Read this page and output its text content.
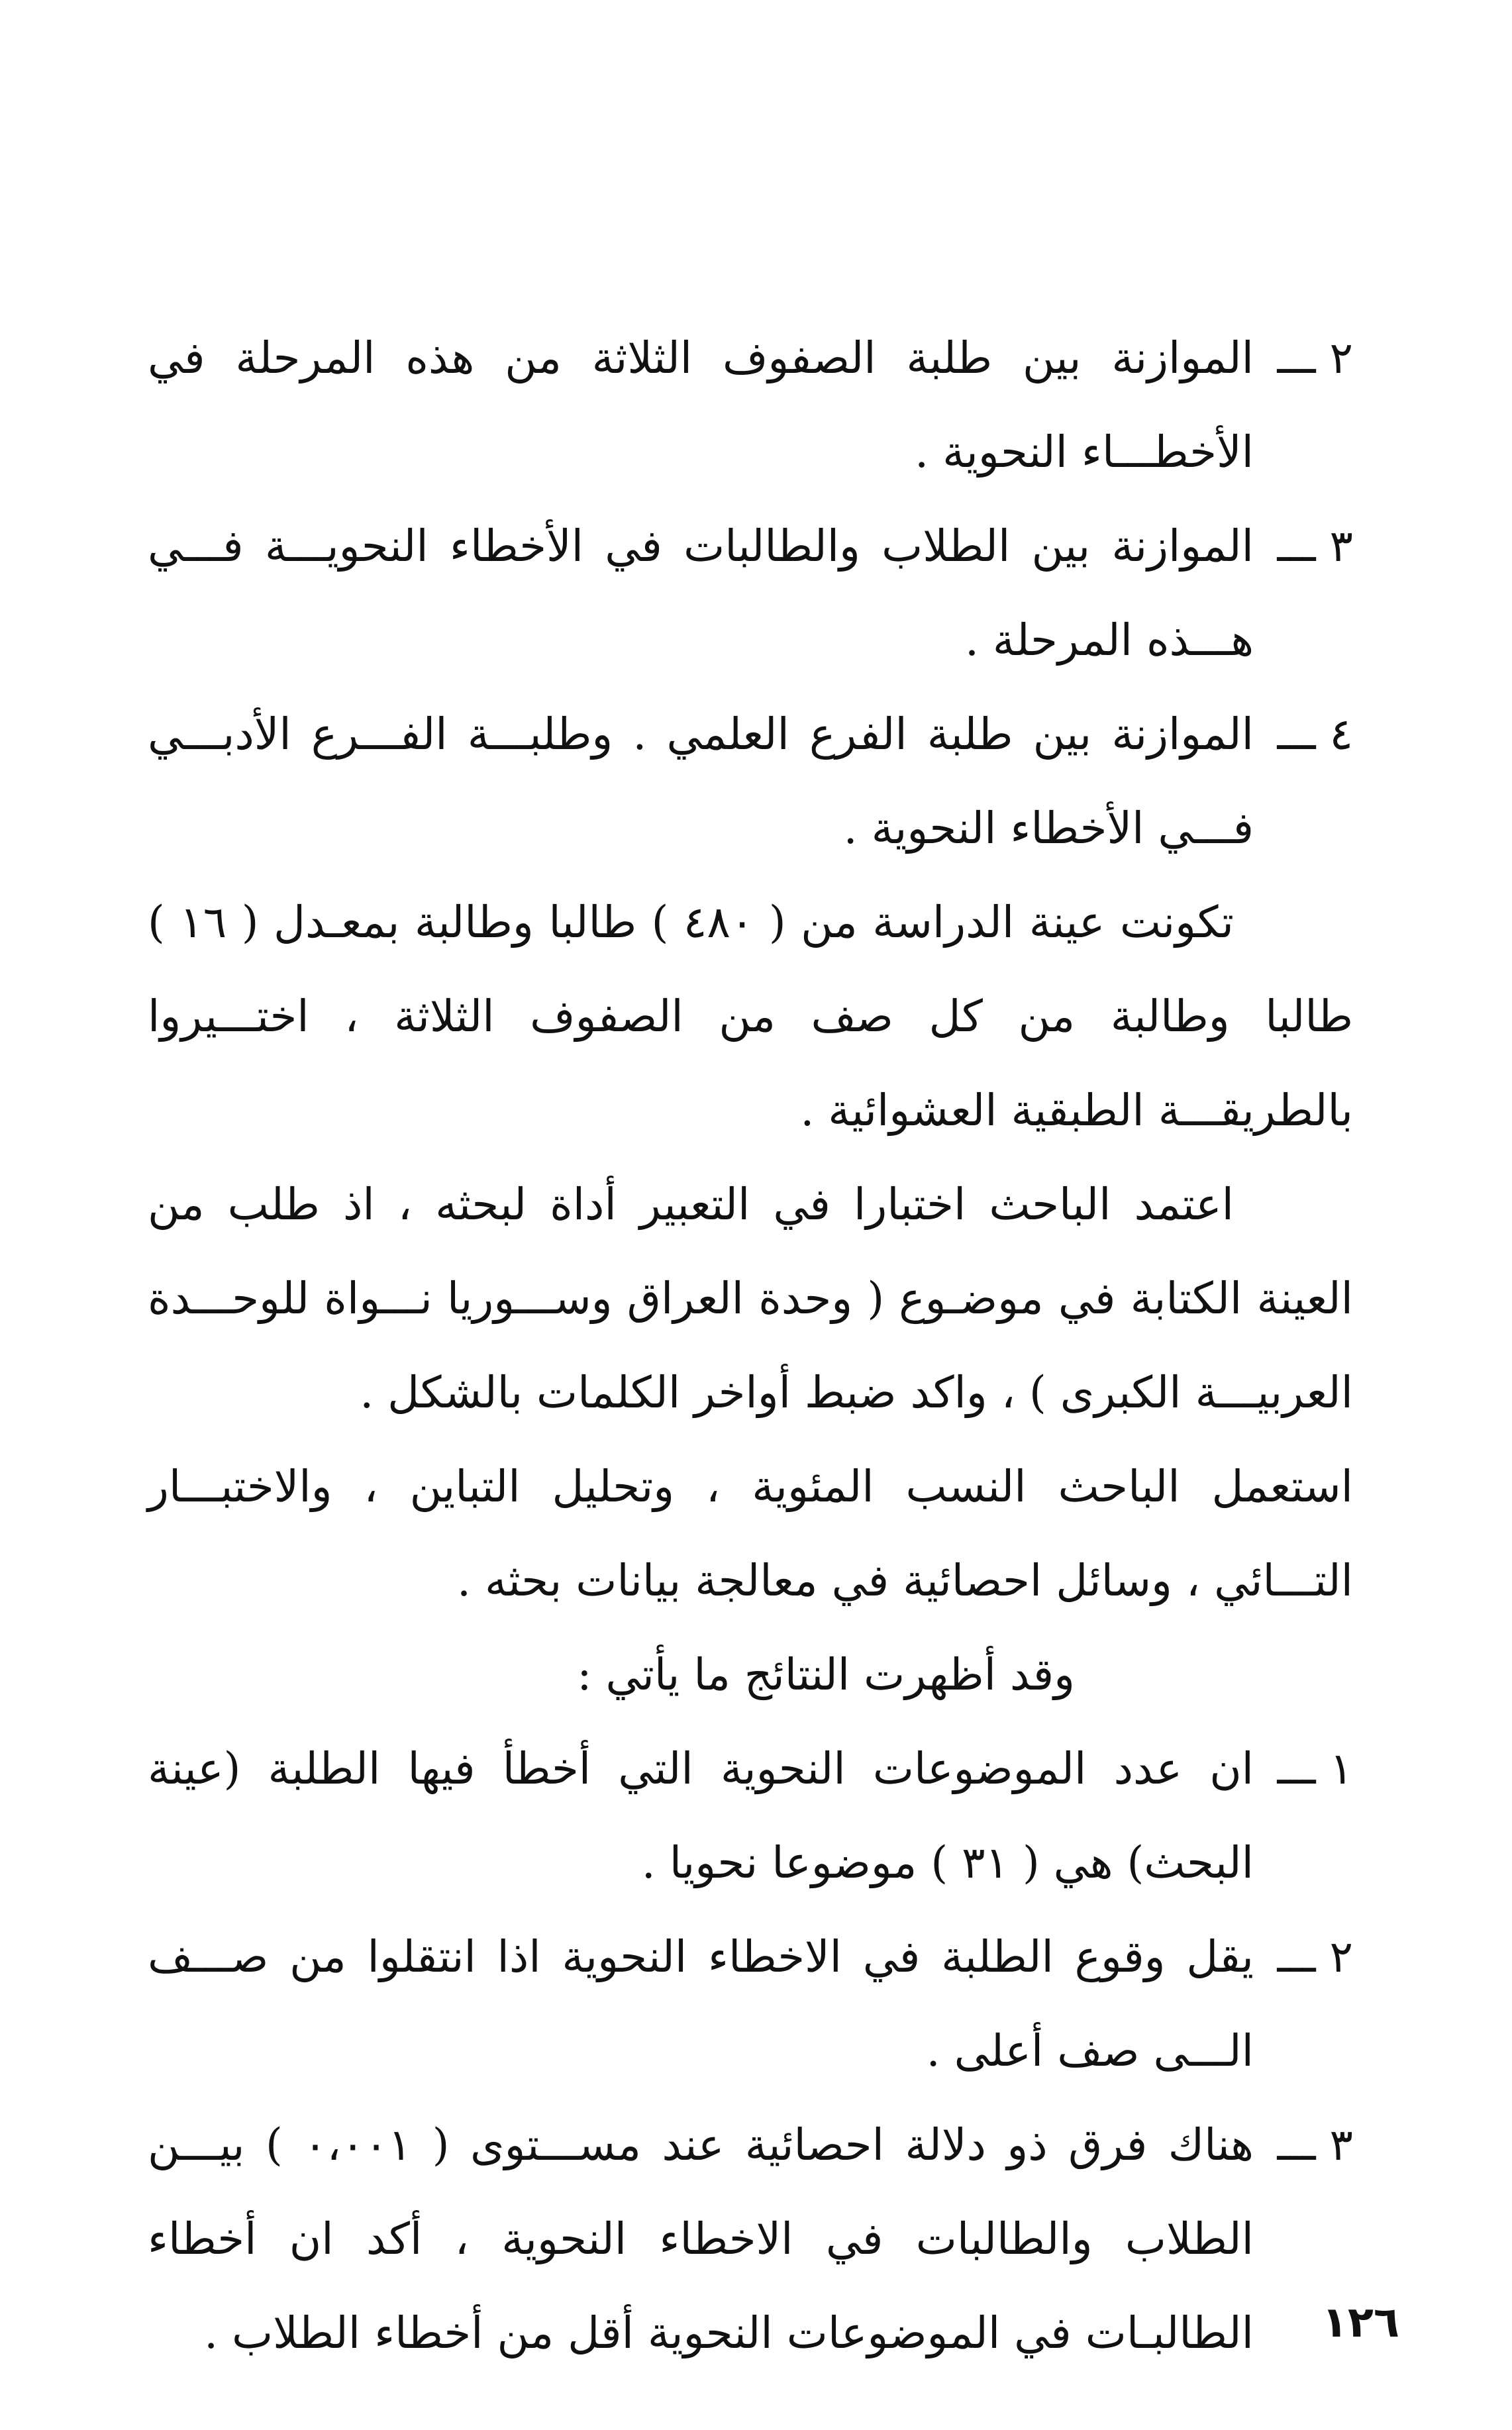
٢ ـــ
الموازنة بين طلبة الصفوف الثلاثة من هذه المرحلة في الأخطـــاء النحوية .
٣ ـــ
الموازنة بين الطلاب والطالبات في الأخطاء النحويـــة فـــي هـــذه المرحلة .
٤ ـــ
الموازنة بين طلبة الفرع العلمي . وطلبـــة الفـــرع الأدبـــي فـــي الأخطاء النحوية .

تكونت عينة الدراسة من ( ٤٨٠ ) طالبا وطالبة بمعـدل ( ١٦ ) طالبا وطالبة من كل صف من الصفوف الثلاثة ، اختـــيروا بالطريقـــة الطبقية العشوائية .

اعتمد الباحث اختبارا في التعبير أداة لبحثه ، اذ طلب من العينة الكتابة في موضـوع ( وحدة العراق وســـوريا نـــواة للوحـــدة العربيـــة الكبرى ) ، واكد ضبط أواخر الكلمات بالشكل .

استعمل الباحث النسب المئوية ، وتحليل التباين ، والاختبـــار التـــائي ، وسائل احصائية في معالجة بيانات بحثه .

وقد أظهرت النتائج ما يأتي :

١ ـــ
ان عدد الموضوعات النحوية التي أخطأ فيها الطلبة (عينة البحث) هي ( ٣١ ) موضوعا نحويا .
٢ ـــ
يقل وقوع الطلبة في الاخطاء النحوية اذا انتقلوا من صـــف الـــى صف أعلى .
٣ ـــ
هناك فرق ذو دلالة احصائية عند مســـتوى ( ٠،٠٠١ ) بيـــن الطلاب والطالبات في الاخطاء النحوية ، أكد ان أخطاء الطالبـات في الموضوعات النحوية أقل من أخطاء الطلاب . ١٢٦
